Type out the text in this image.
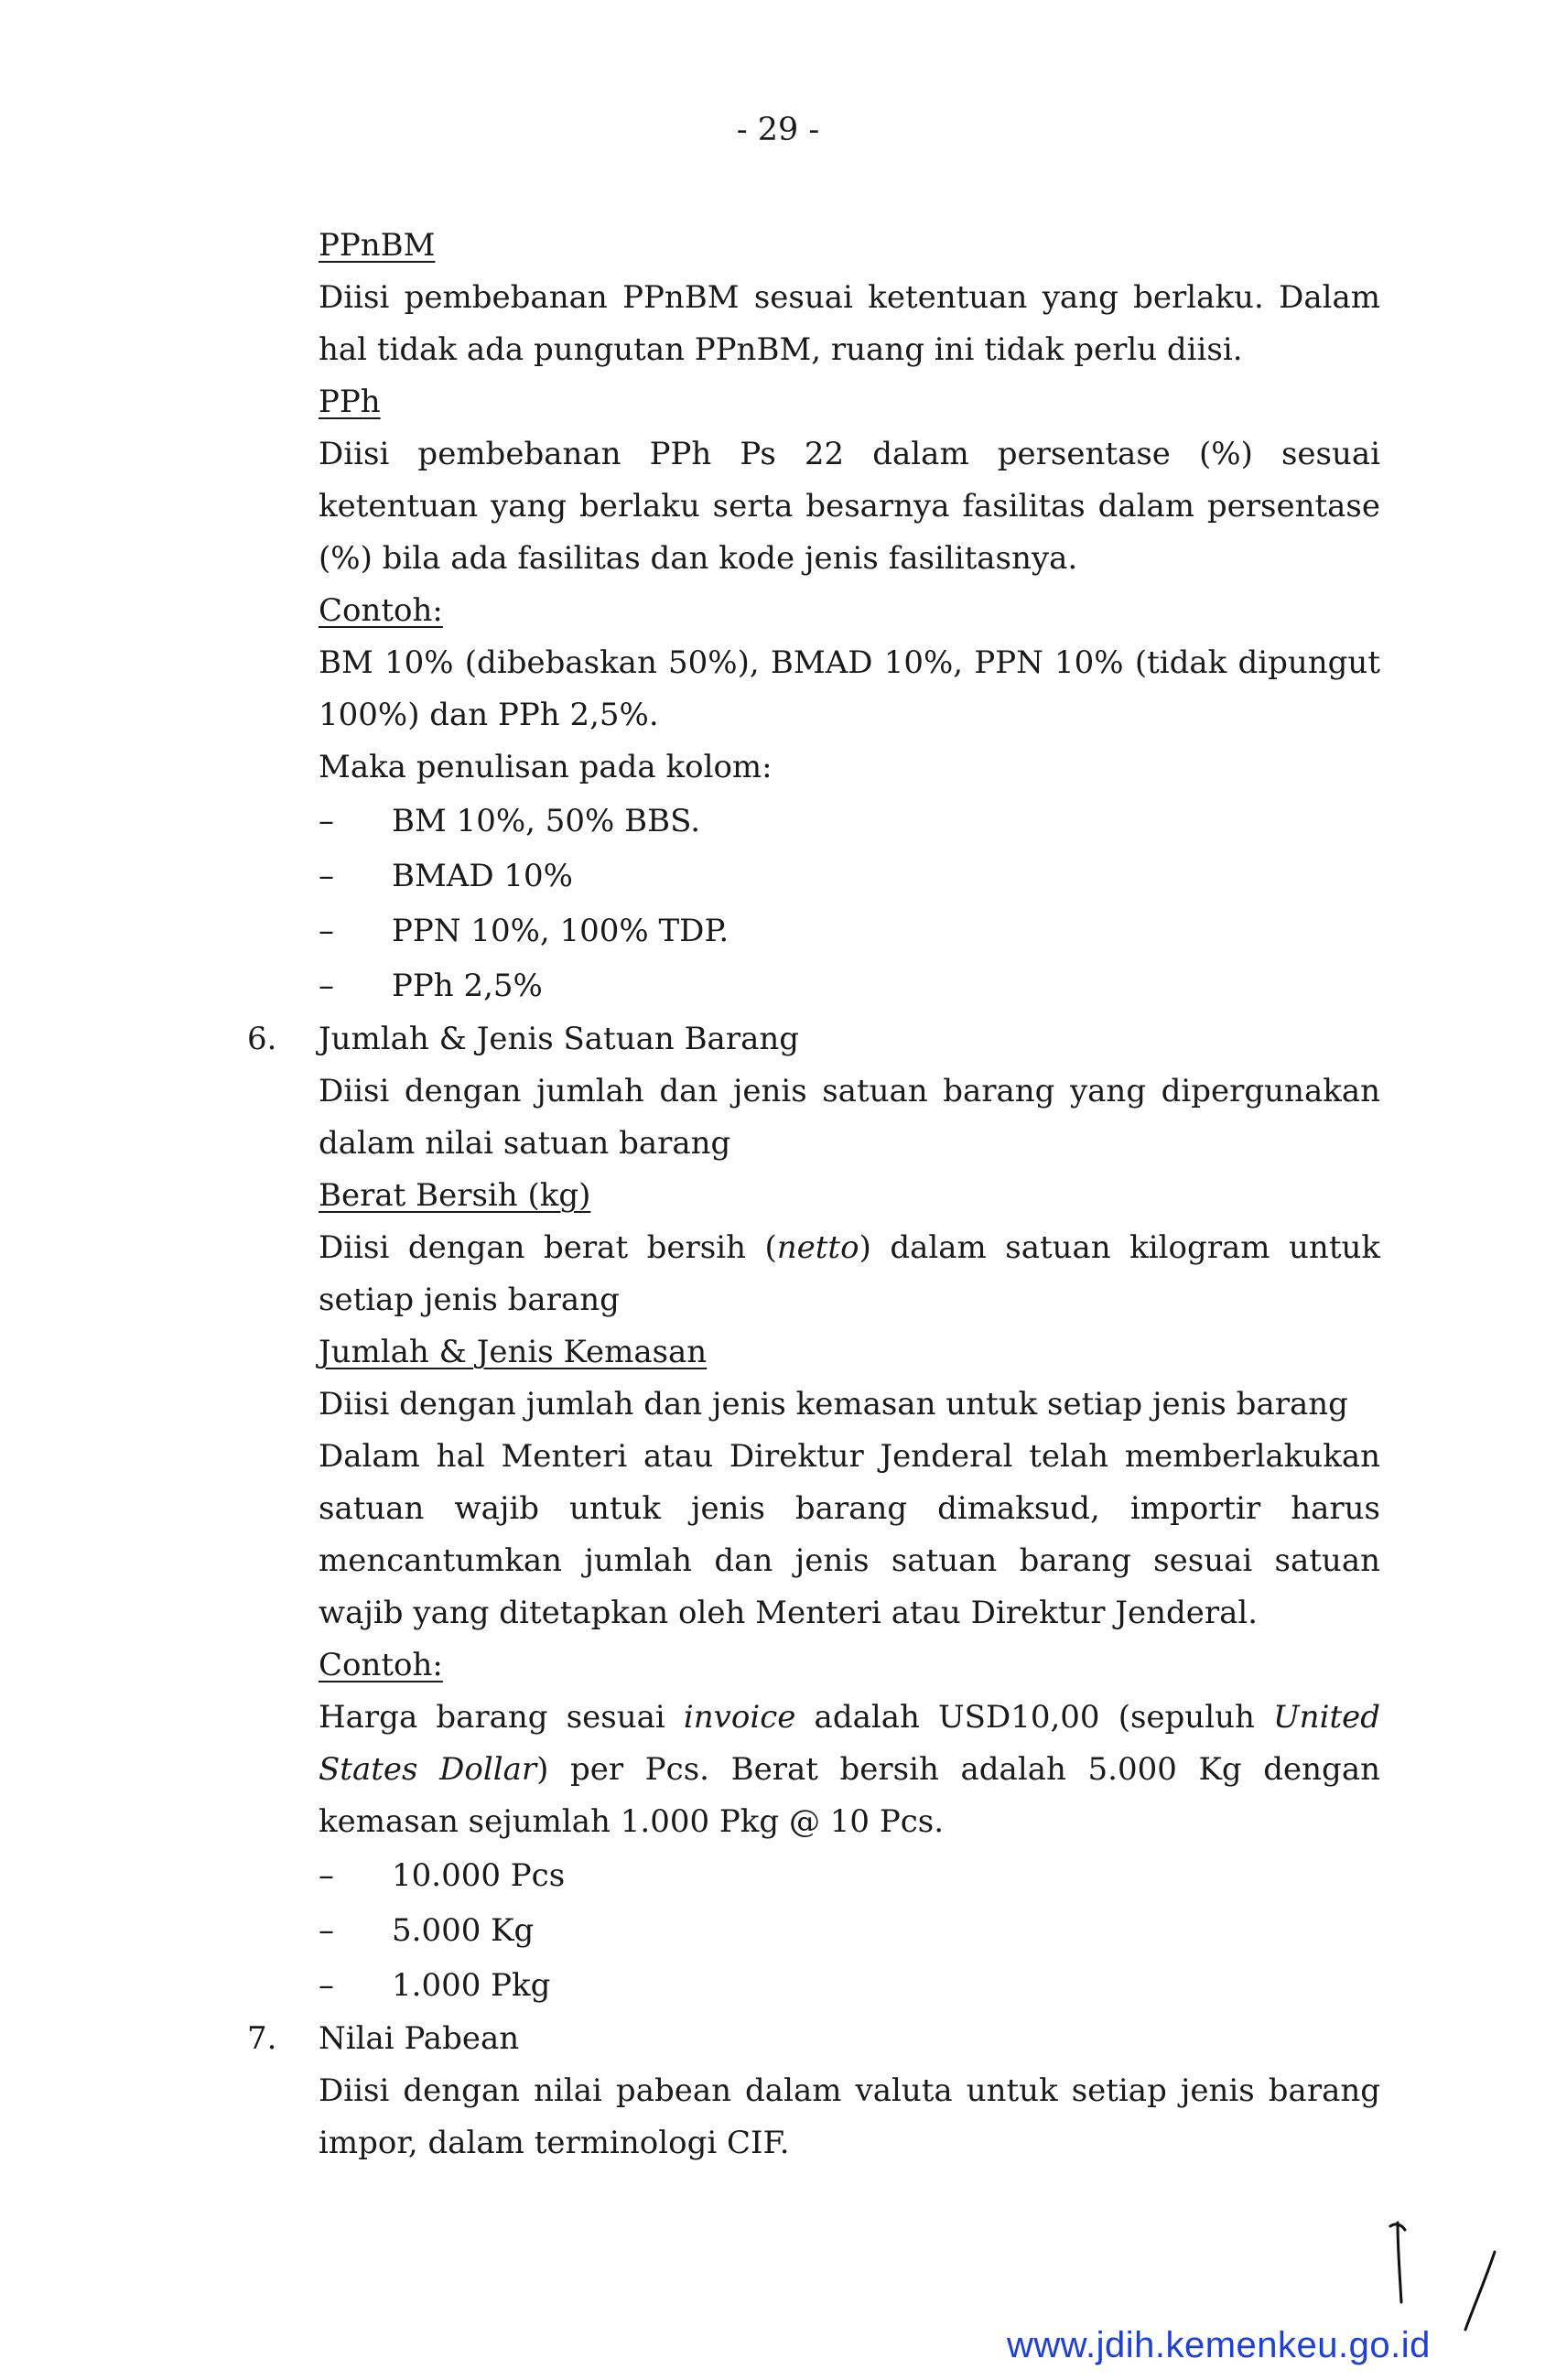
- 29 -
PPnBM
Diisi pembebanan PPnBM sesuai ketentuan yang berlaku. Dalam hal tidak ada pungutan PPnBM, ruang ini tidak perlu diisi.
PPh
Diisi pembebanan PPh Ps 22 dalam persentase (%) sesuai ketentuan yang berlaku serta besarnya fasilitas dalam persentase (%) bila ada fasilitas dan kode jenis fasilitasnya.
Contoh:
BM 10% (dibebaskan 50%), BMAD 10%, PPN 10% (tidak dipungut 100%) dan PPh 2,5%.
Maka penulisan pada kolom:
– BM 10%, 50% BBS.
– BMAD 10%
– PPN 10%, 100% TDP.
– PPh 2,5%
6. Jumlah & Jenis Satuan Barang
Diisi dengan jumlah dan jenis satuan barang yang dipergunakan dalam nilai satuan barang
Berat Bersih (kg)
Diisi dengan berat bersih (netto) dalam satuan kilogram untuk setiap jenis barang
Jumlah & Jenis Kemasan
Diisi dengan jumlah dan jenis kemasan untuk setiap jenis barang
Dalam hal Menteri atau Direktur Jenderal telah memberlakukan satuan wajib untuk jenis barang dimaksud, importir harus mencantumkan jumlah dan jenis satuan barang sesuai satuan wajib yang ditetapkan oleh Menteri atau Direktur Jenderal.
Contoh:
Harga barang sesuai invoice adalah USD10,00 (sepuluh United States Dollar) per Pcs. Berat bersih adalah 5.000 Kg dengan kemasan sejumlah 1.000 Pkg @ 10 Pcs.
– 10.000 Pcs
– 5.000 Kg
– 1.000 Pkg
7. Nilai Pabean
Diisi dengan nilai pabean dalam valuta untuk setiap jenis barang impor, dalam terminologi CIF.
www.jdih.kemenkeu.go.id
